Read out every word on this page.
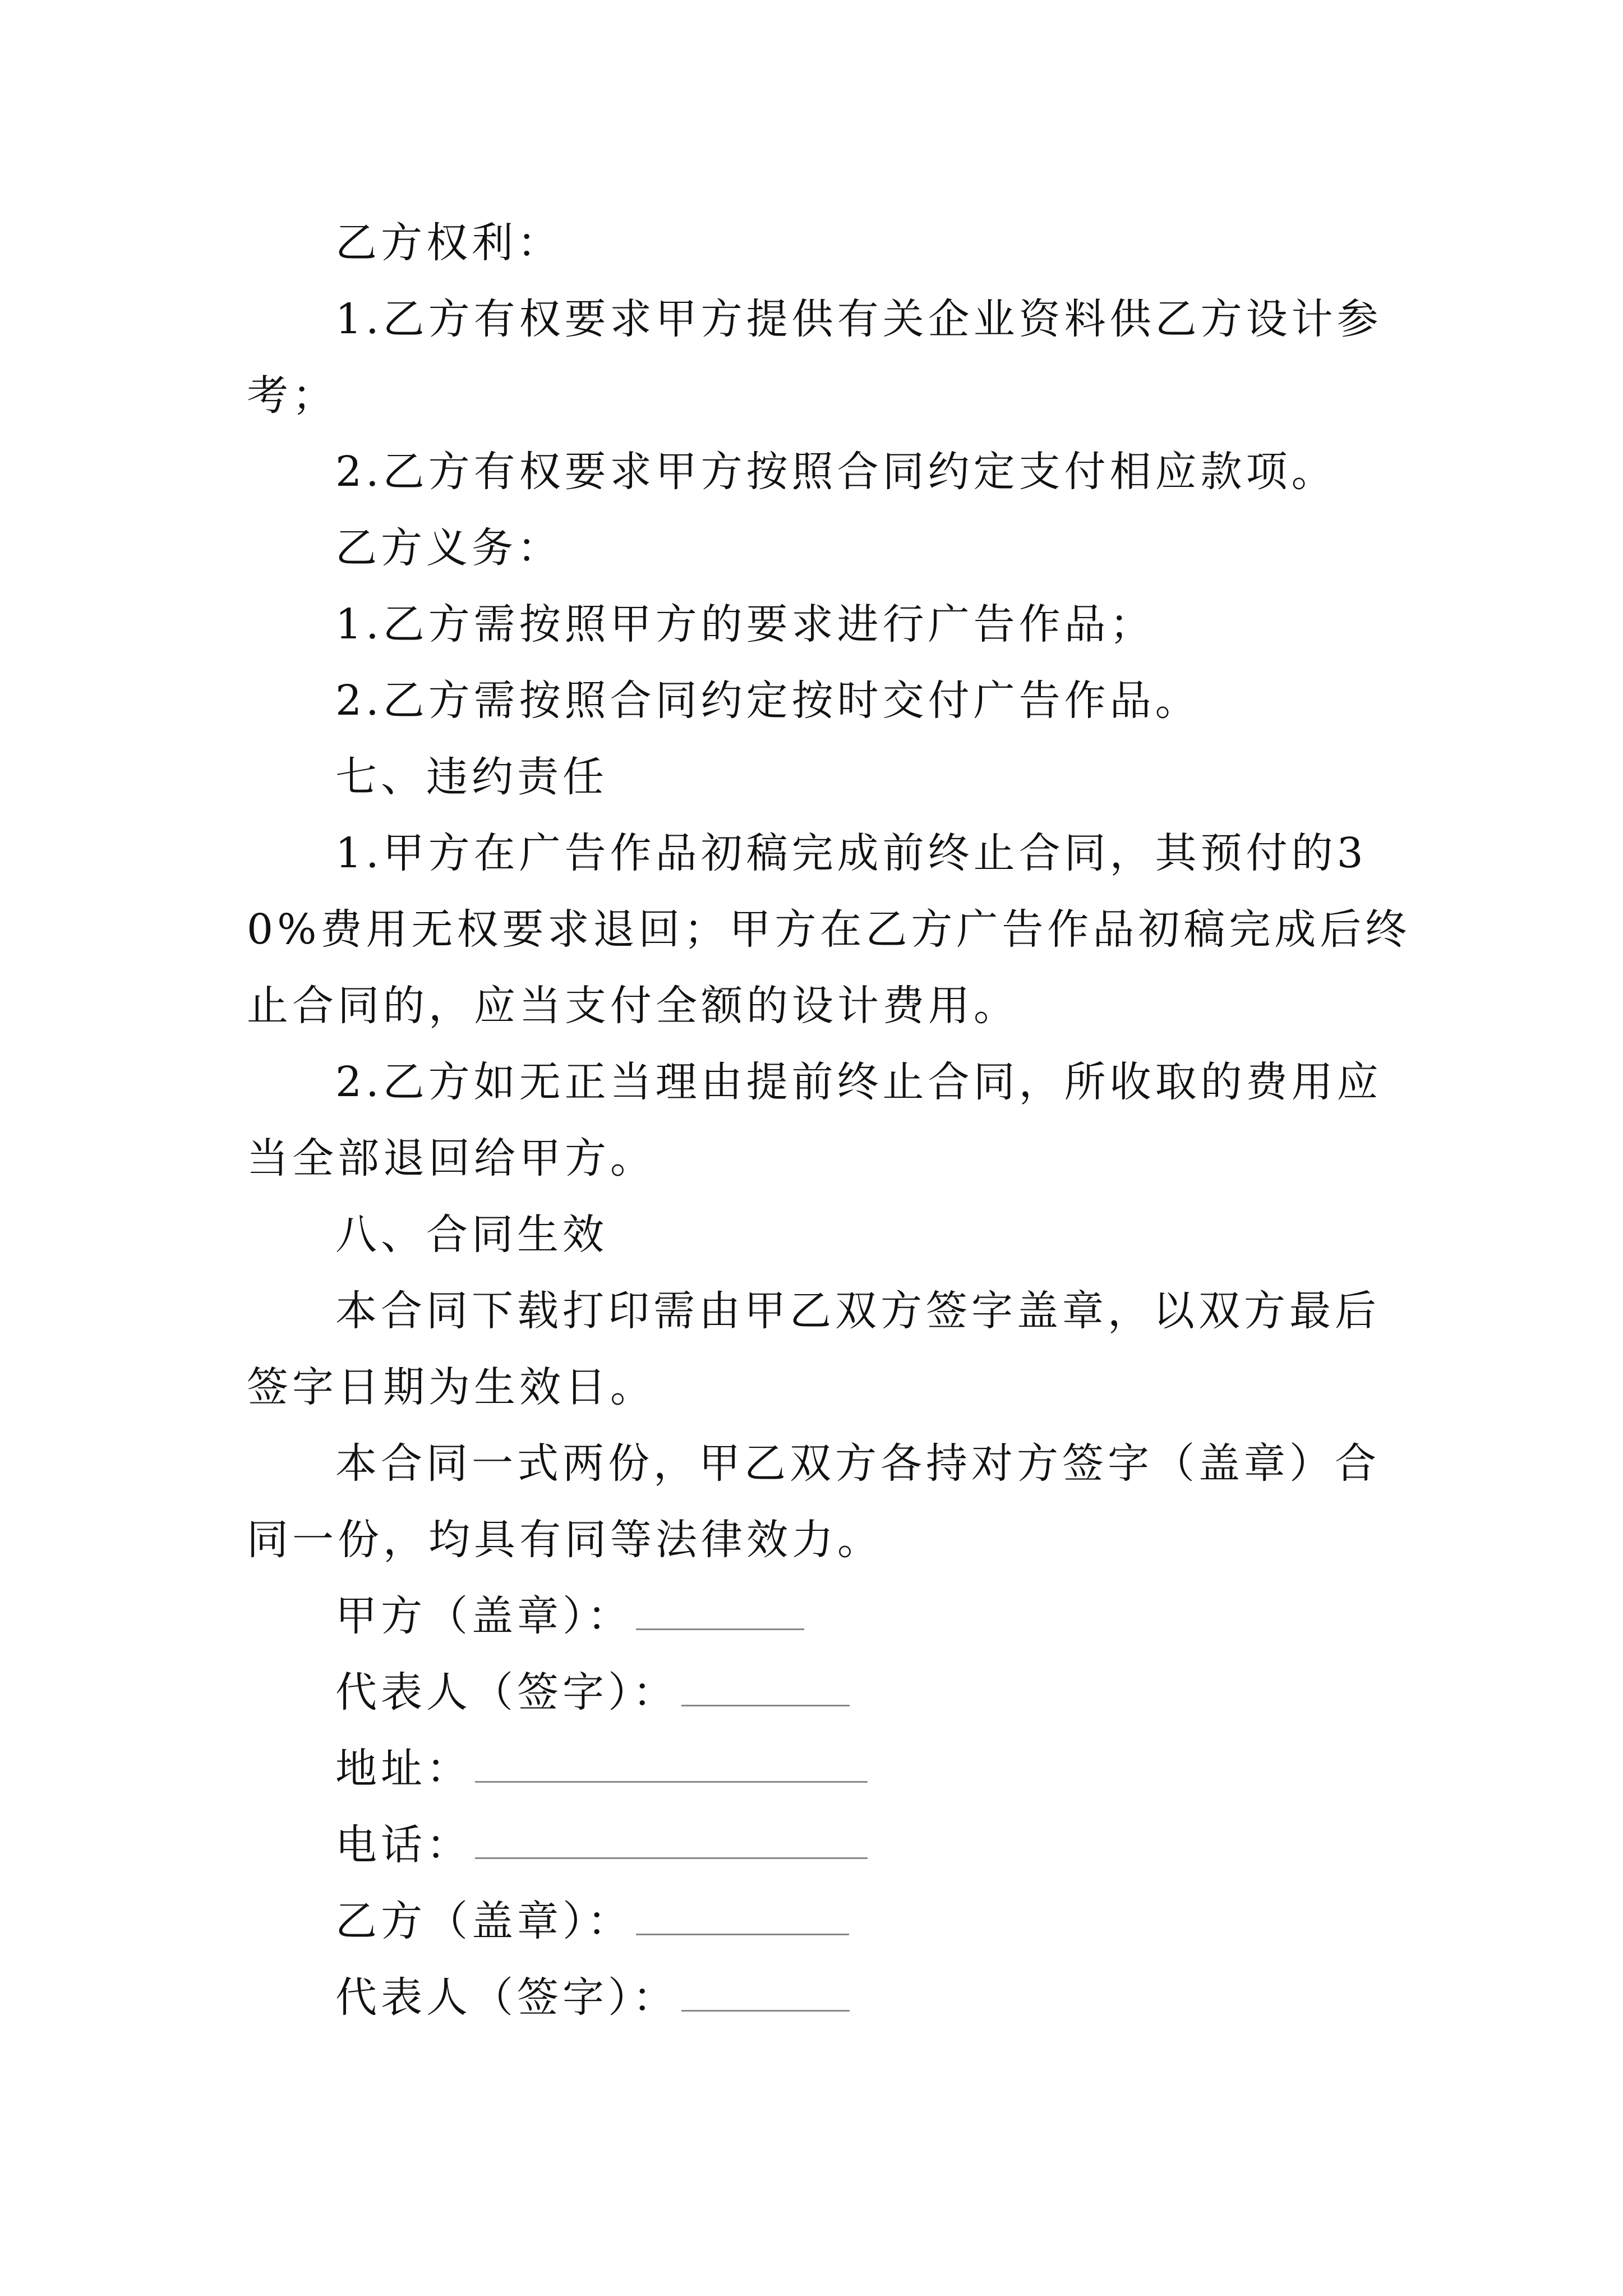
乙方权利：

1.乙方有权要求甲方提供有关企业资料供乙方设计参考；

2.乙方有权要求甲方按照合同约定支付相应款项。

乙方义务：

1.乙方需按照甲方的要求进行广告作品；

2.乙方需按照合同约定按时交付广告作品。

七、违约责任

1.甲方在广告作品初稿完成前终止合同，其预付的30%费用无权要求退回；甲方在乙方广告作品初稿完成后终止合同的，应当支付全额的设计费用。

2.乙方如无正当理由提前终止合同，所收取的费用应当全部退回给甲方。

八、合同生效

本合同下载打印需由甲乙双方签字盖章，以双方最后签字日期为生效日。

本合同一式两份，甲乙双方各持对方签字（盖章）合同一份，均具有同等法律效力。

甲方（盖章）：
代表人（签字）：
地址：
电话：
乙方（盖章）：
代表人（签字）：
